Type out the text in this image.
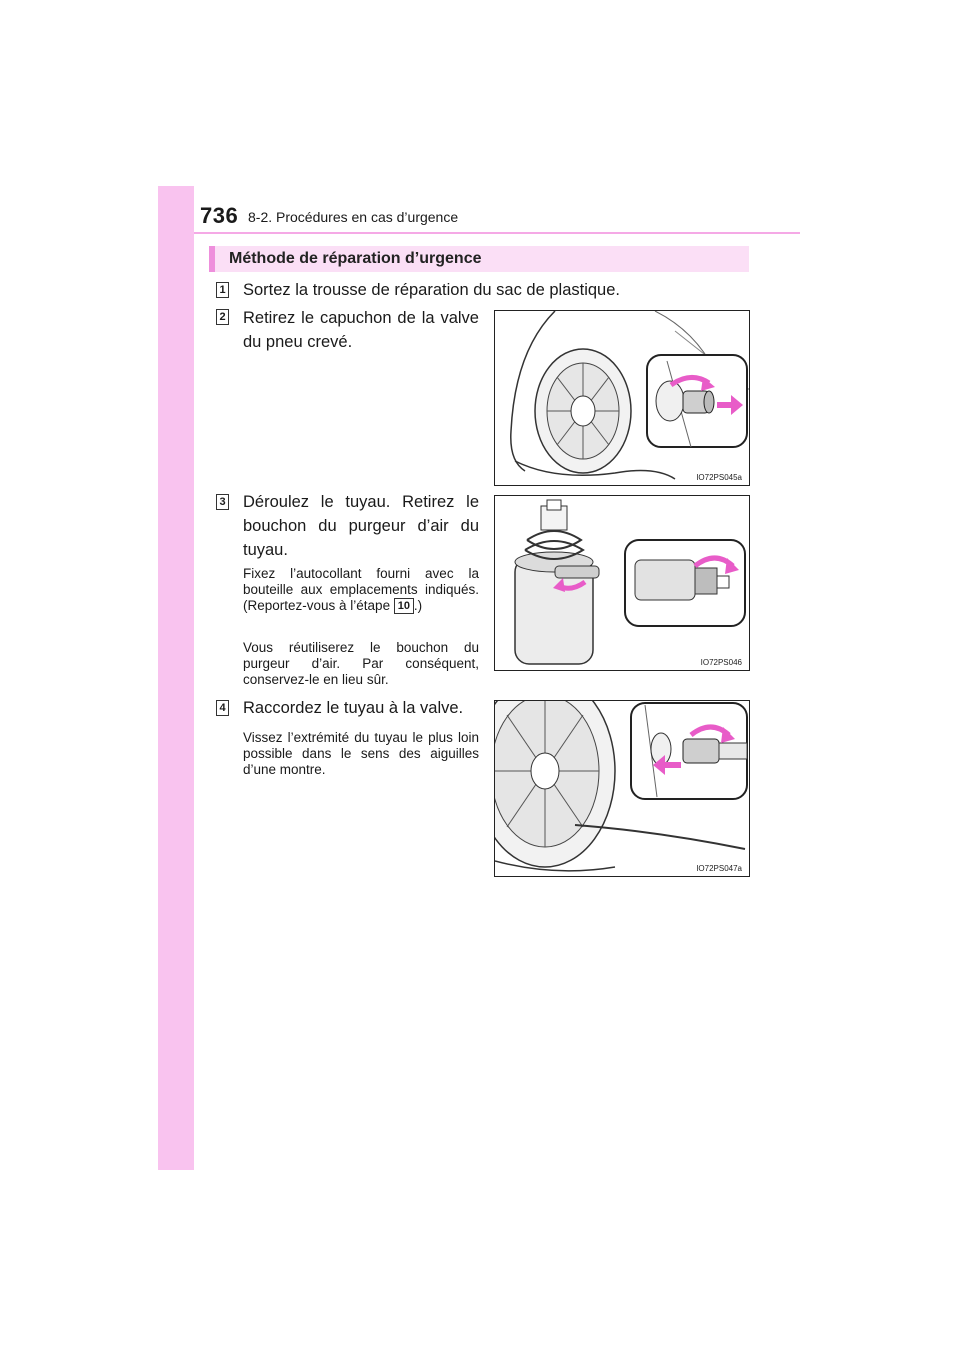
736 8-2. Procédures en cas d’urgence
Méthode de réparation d’urgence
1 Sortez la trousse de réparation du sac de plastique.
2 Retirez le capuchon de la valve du pneu crevé.
IO72PS045a
3 Déroulez le tuyau. Retirez le bouchon du purgeur d’air du tuyau.
Fixez l’autocollant fourni avec la bouteille aux emplacements indiqués. (Reportez-vous à l’étape 10 .)
Vous réutiliserez le bouchon du purgeur d’air. Par conséquent, conservez-le en lieu sûr.
IO72PS046
4 Raccordez le tuyau à la valve.
Vissez l’extrémité du tuyau le plus loin possible dans le sens des aiguilles d’une montre.
IO72PS047a
